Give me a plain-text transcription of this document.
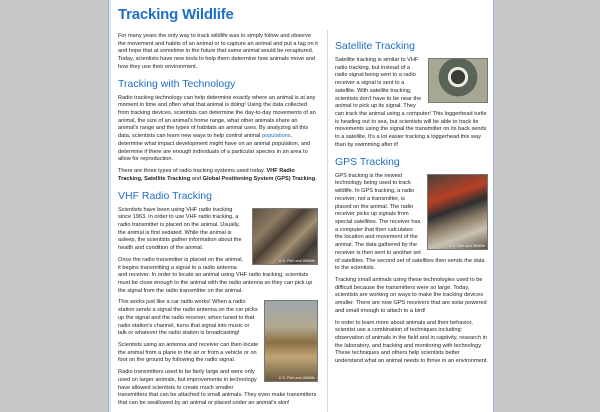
Tracking Wildlife

For many years the only way to track wildlife was to simply follow and observe the movement and habits of an animal or to capture an animal and put a tag on it and hope that at sometime in the future that same animal would be recaptured. Today, scientists have new tools to help them determine how animals move and how they use their environment.

Tracking with Technology

Radio tracking technology can help determine exactly where an animal is at any moment in time and often what that animal is doing! Using the data collected from tracking devices, scientists can determine the day-to-day movements of an animal, the size of an animal's home range, what other animals share an animal's range and the types of habitats an animal uses. By analyzing all this data, scientists can learn new ways to help control animal populations, determine what impact development might have on an animal population, and determine if there are enough individuals of a particular species in an area to allow for reproduction.

There are three types of radio tracking systems used today. VHF Radio Tracking, Satellite Tracking and Global Positioning System (GPS) Tracking.

VHF Radio Tracking
U.S. Fish and Wildlife

Scientists have been using VHF radio tracking since 1963. In order to use VHF radio tracking, a radio transmitter is placed on the animal. Usually, the animal is first sedated. While the animal is asleep, the scientists gather information about the health and condition of the animal.

Once the radio transmitter is placed on the animal, it begins transmitting a signal to a radio antenna and receiver. In order to locate an animal using VHF radio tracking, scientists must be close enough to the animal with the radio antenna so they can pick up the signal from the radio transmitter on the animal.

U.S. Fish and Wildlife

This works just like a car radio works! When a radio station sends a signal the radio antenna on the car picks up the signal and the radio receiver, when tuned to that radio station's channel, turns that signal into music or talk or whatever the radio station is broadcasting!

Scientists using an antenna and receiver can then locate the animal from a plane in the air or from a vehicle or on foot on the ground by following the radio signal.

Radio transmitters used to be fairly large and were only used on larger animals, but improvements in technology have allowed scientists to create much smaller transmitters that can be attached to small animals. They even make transmitters that can be swallowed by an animal or placed under an animal's skin!

Satellite Tracking

Satellite tracking is similar to VHF radio tracking, but instead of a radio signal being sent to a radio receiver a signal is sent to a satellite. With satellite tracking, scientists don't have to be near the animal to pick up its signal. They can track the animal using a computer! This loggerhead turtle is heading out to sea, but scientists will be able to track its movements using the signal the transmitter on its back sends to a satellite. It's a lot easier tracking a loggerhead this way than by swimming after it!

GPS Tracking
U.S. Fish and Wildlife

GPS tracking is the newest technology being used to track wildlife. In GPS tracking, a radio receiver, not a transmitter, is placed on the animal. The radio receiver picks up signals from special satellites. The receiver has a computer that then calculates the location and movement of the animal. The data gathered by the receiver is then sent to another set of satellites. The second set of satellites then sends the data to the scientists.

Tracking small animals using these technologies used to be difficult because the transmitters were so large. Today, scientists are working on ways to make the tracking devices smaller. There are now GPS receivers that are solar powered and small enough to attach to a bird!

In order to learn more about animals and their behavior, scientist use a combination of techniques including: observation of animals in the field and in captivity, research in the laboratory, and tracking and monitoring with technology. These techniques and others help scientists better understand what an animal needs to thrive in an environment.
